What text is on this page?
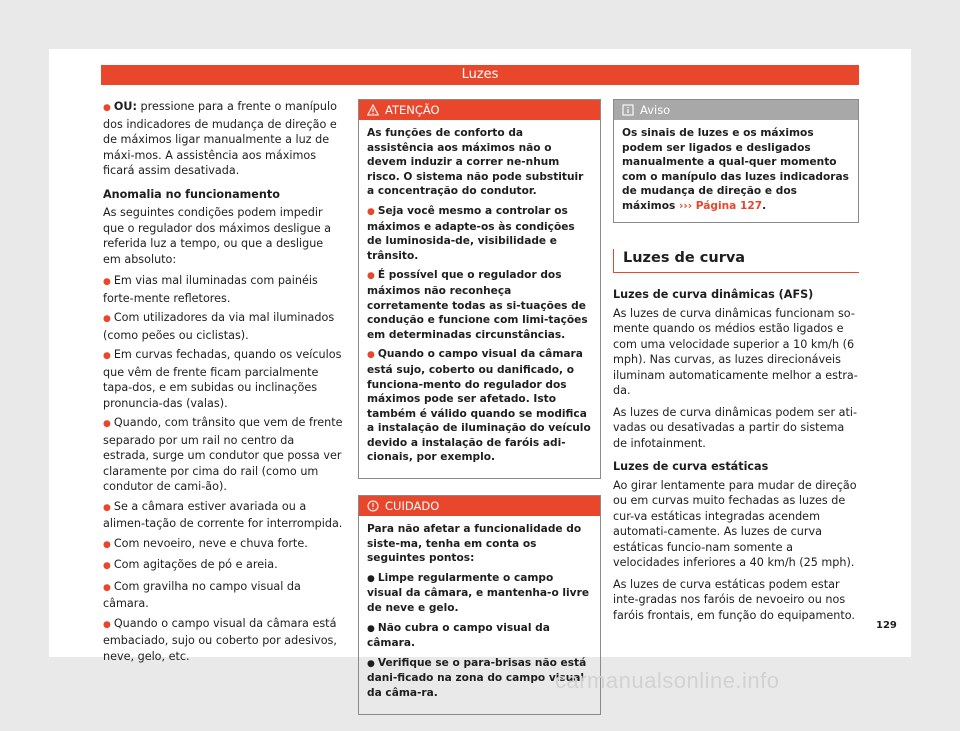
Luzes

● OU: pressione para a frente o manípulo dos indicadores de mudança de direção e de máximos ligar manualmente a luz de máxi-mos. A assistência aos máximos ficará assim desativada.

Anomalia no funcionamento

As seguintes condições podem impedir que o regulador dos máximos desligue a referida luz a tempo, ou que a desligue em absoluto:

● Em vias mal iluminadas com painéis forte-mente refletores.
● Com utilizadores da via mal iluminados (como peões ou ciclistas).
● Em curvas fechadas, quando os veículos que vêm de frente ficam parcialmente tapa-dos, e em subidas ou inclinações pronuncia-das (valas).
● Quando, com trânsito que vem de frente separado por um rail no centro da estrada, surge um condutor que possa ver claramente por cima do rail (como um condutor de cami-ão).
● Se a câmara estiver avariada ou a alimen-tação de corrente for interrompida.
● Com nevoeiro, neve e chuva forte.
● Com agitações de pó e areia.
● Com gravilha no campo visual da câmara.
● Quando o campo visual da câmara está embaciado, sujo ou coberto por adesivos, neve, gelo, etc.
ATENÇÃO

As funções de conforto da assistência aos máximos não o devem induzir a correr ne-nhum risco. O sistema não pode substituir a concentração do condutor.

● Seja você mesmo a controlar os máximos e adapte-os às condições de luminosida-de, visibilidade e trânsito.
● É possível que o regulador dos máximos não reconheça corretamente todas as si-tuações de condução e funcione com limi-tações em determinadas circunstâncias.
● Quando o campo visual da câmara está sujo, coberto ou danificado, o funciona-mento do regulador dos máximos pode ser afetado. Isto também é válido quando se modifica a instalação de iluminação do veículo devido a instalação de faróis adi-cionais, por exemplo.
CUIDADO

Para não afetar a funcionalidade do siste-ma, tenha em conta os seguintes pontos:

● Limpe regularmente o campo visual da câmara, e mantenha-o livre de neve e gelo.
● Não cubra o campo visual da câmara.
● Verifique se o para-brisas não está dani-ficado na zona do campo visual da câma-ra.
Aviso
Os sinais de luzes e os máximos podem ser ligados e desligados manualmente a qual-quer momento com o manípulo das luzes indicadoras de mudança de direção e dos máximos ››› Página 127.
Luzes de curva
Luzes de curva dinâmicas (AFS)

As luzes de curva dinâmicas funcionam so-mente quando os médios estão ligados e com uma velocidade superior a 10 km/h (6 mph). Nas curvas, as luzes direcionáveis iluminam automaticamente melhor a estra-da.

As luzes de curva dinâmicas podem ser ati-vadas ou desativadas a partir do sistema de infotainment.

Luzes de curva estáticas

Ao girar lentamente para mudar de direção ou em curvas muito fechadas as luzes de cur-va estáticas integradas acendem automati-camente. As luzes de curva estáticas funcio-nam somente a velocidades inferiores a 40 km/h (25 mph).

As luzes de curva estáticas podem estar inte-gradas nos faróis de nevoeiro ou nos faróis frontais, em função do equipamento.

129
carmanualsonline.info
